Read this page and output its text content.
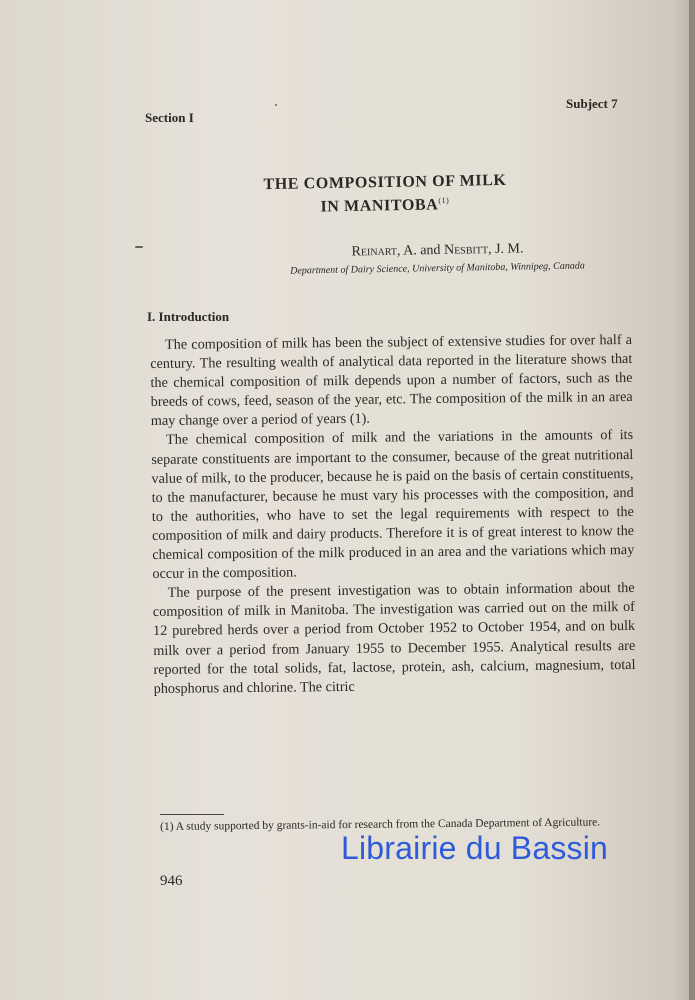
Section I
Subject 7
THE COMPOSITION OF MILK
IN MANITOBA$^{(1)}$
Reinart, A. and Nesbitt, J. M.
Department of Dairy Science, University of Manitoba, Winnipeg, Canada
I. Introduction

The composition of milk has been the subject of extensive studies for over half a century. The resulting wealth of analytical data reported in the literature shows that the chemical composition of milk depends upon a number of factors, such as the breeds of cows, feed, season of the year, etc. The composition of the milk in an area may change over a period of years (1).

The chemical composition of milk and the variations in the amounts of its separate constituents are important to the consumer, because of the great nutritional value of milk, to the producer, because he is paid on the basis of certain constituents, to the manufacturer, because he must vary his processes with the composition, and to the authorities, who have to set the legal requirements with respect to the composition of milk and dairy products. Therefore it is of great interest to know the chemical composition of the milk produced in an area and the variations which may occur in the composition.

The purpose of the present investigation was to obtain information about the composition of milk in Manitoba. The investigation was carried out on the milk of 12 purebred herds over a period from October 1952 to October 1954, and on bulk milk over a period from January 1955 to December 1955. Analytical results are reported for the total solids, fat, lactose, protein, ash, calcium, magnesium, total phosphorus and chlorine. The citric

(1) A study supported by grants-in-aid for research from the Canada Department of Agriculture.
946
Librairie du Bassin
